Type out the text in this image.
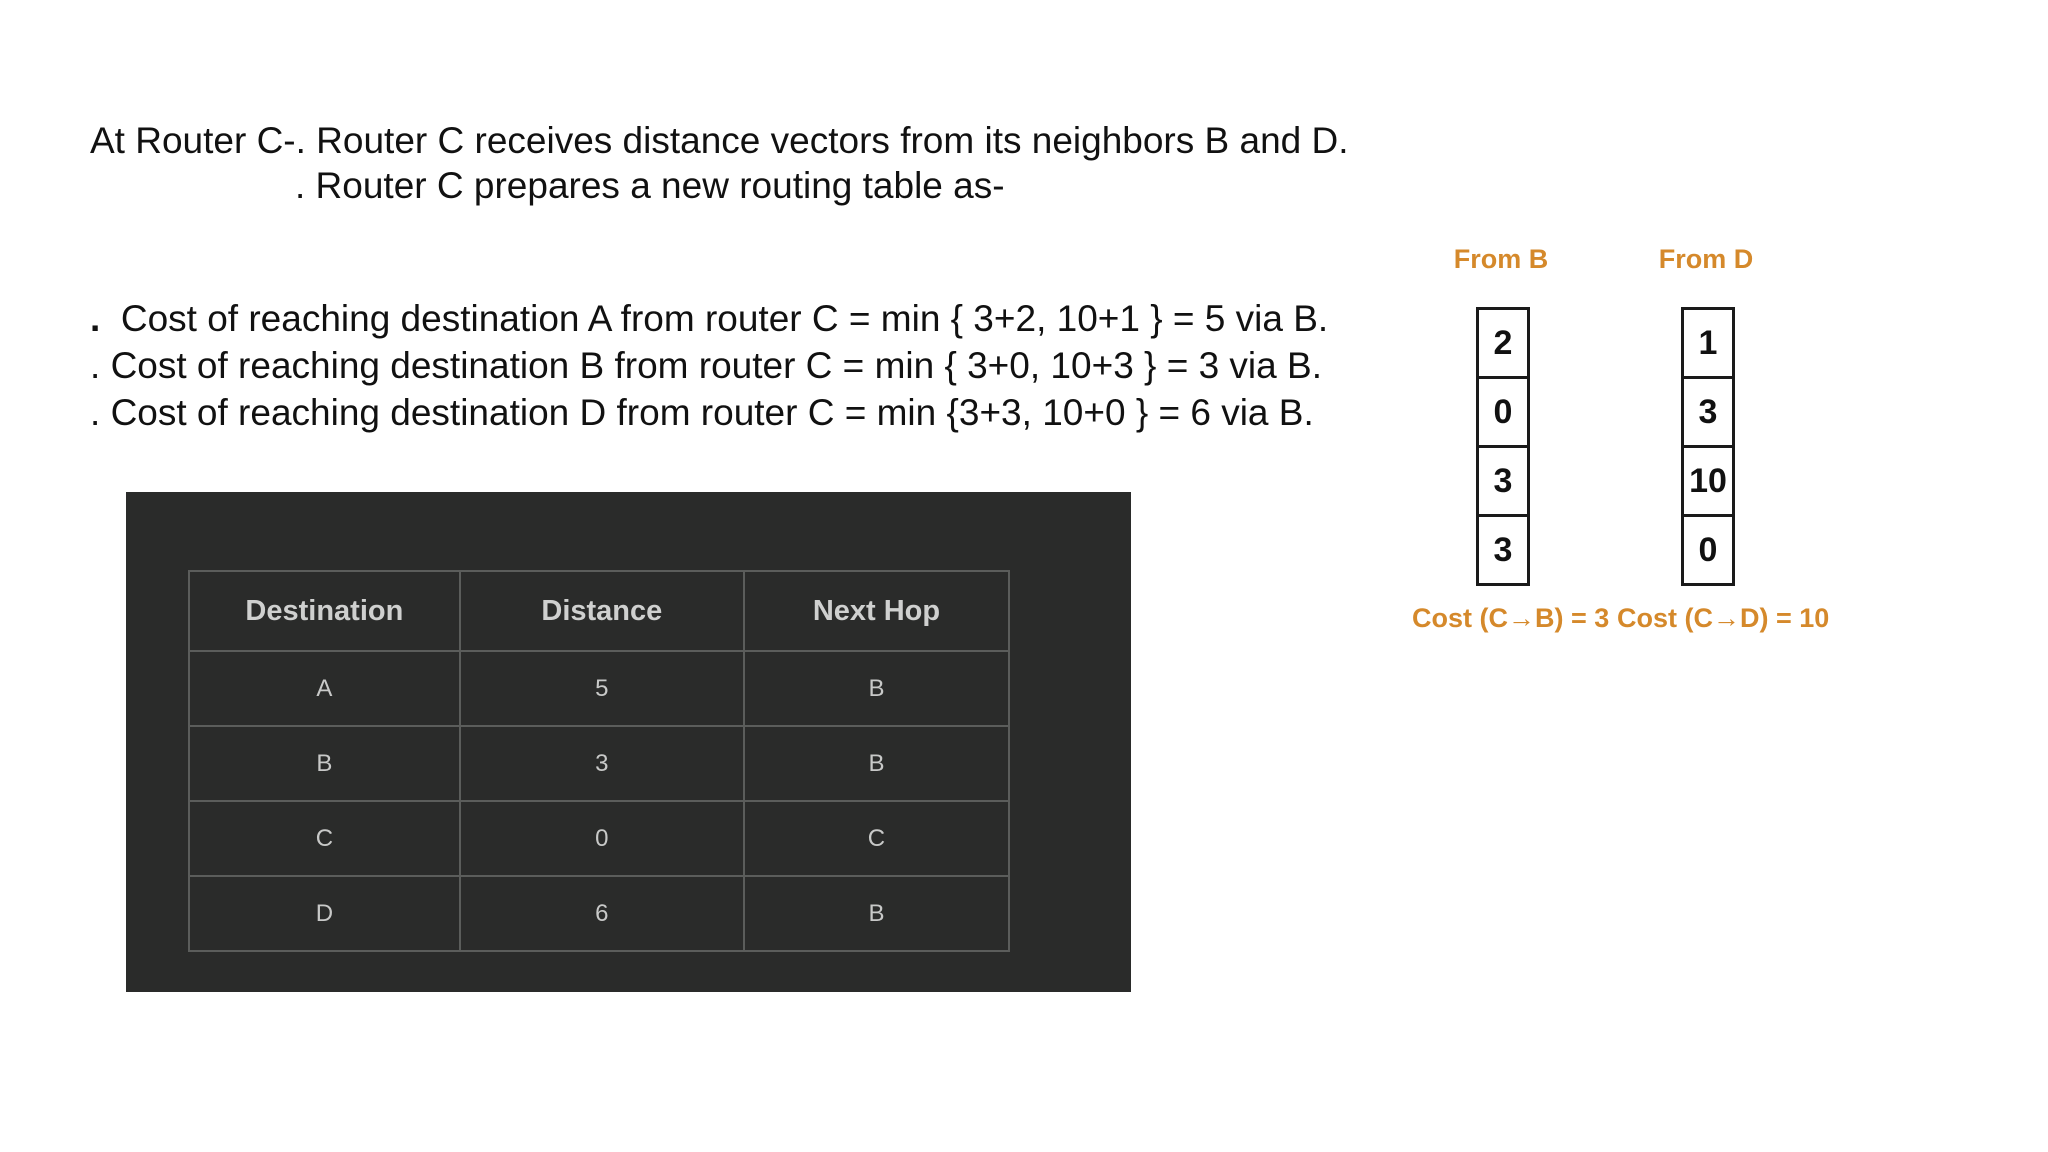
At Router C-. Router C receives distance vectors from its neighbors B and D.
. Router C prepares a new routing table as-
. Cost of reaching destination A from router C = min { 3+2, 10+1 } = 5 via B.
. Cost of reaching destination B from router C = min { 3+0, 10+3 } = 3 via B.
. Cost of reaching destination D from router C = min {3+3, 10+0 } = 6 via B.
Destination	Distance	Next Hop
A	5	B
B	3	B
C	0	C
D	6	B
From B
2
0
3
3
Cost (C→B) = 3
From D
1
3
10
0
Cost (C→D) = 10
